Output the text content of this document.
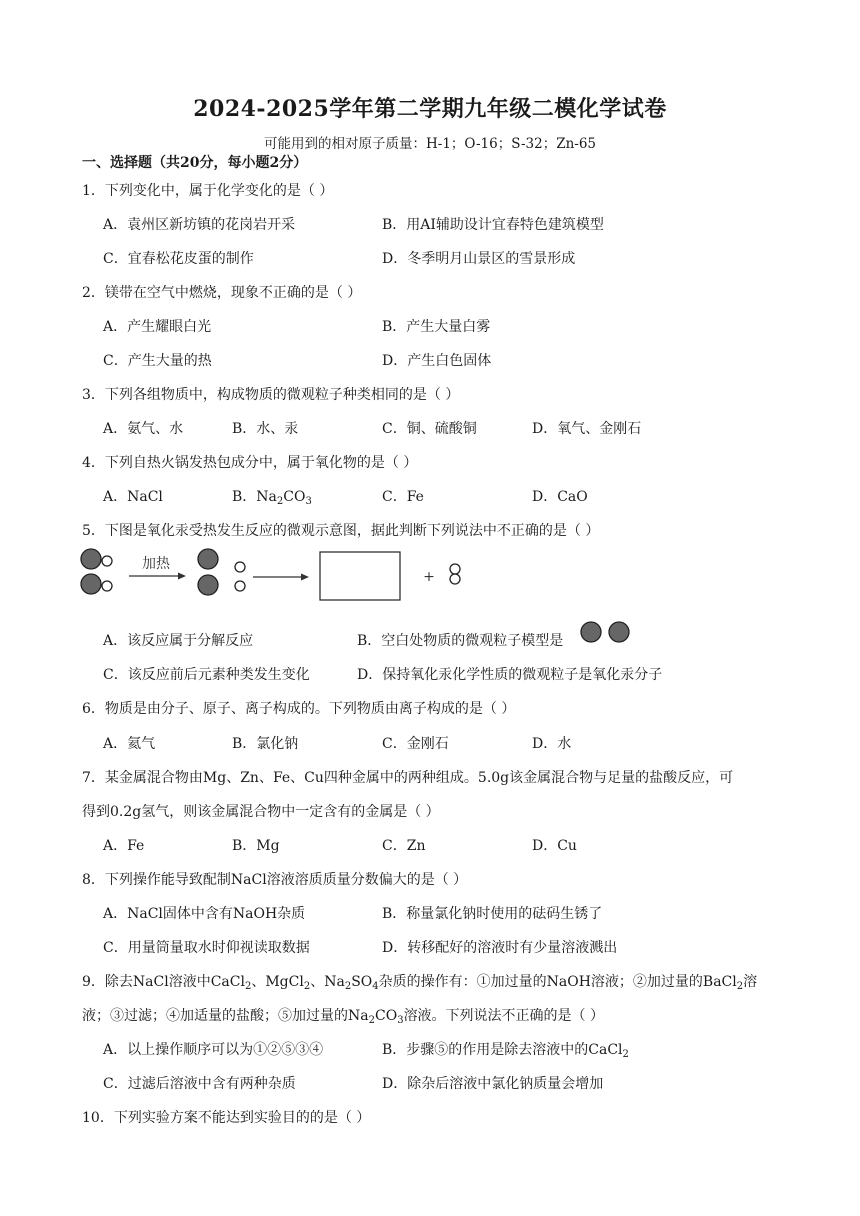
2024-2025学年第二学期九年级二模化学试卷
可能用到的相对原子质量：H-1；O-16；S-32；Zn-65
一、选择题（共20分，每小题2分）
1．下列变化中，属于化学变化的是（ ）
A．袁州区新坊镇的花岗岩开采	B．用AI辅助设计宜春特色建筑模型
C．宜春松花皮蛋的制作	D．冬季明月山景区的雪景形成
2．镁带在空气中燃烧，现象不正确的是（ ）
A．产生耀眼白光	B．产生大量白雾
C．产生大量的热	D．产生白色固体
3．下列各组物质中，构成物质的微观粒子种类相同的是（ ）
A．氨气、水	B．水、汞	C．铜、硫酸铜	D．氧气、金刚石
4．下列自热火锅发热包成分中，属于氧化物的是（ ）
A．NaCl	B．$Na_2CO_3$	C．Fe	D．CaO
5．下图是氧化汞受热发生反应的微观示意图，据此判断下列说法中不正确的是（ ）
加热
+
A．该反应属于分解反应	B．空白处物质的微观粒子模型是
C．该反应前后元素种类发生变化	D．保持氧化汞化学性质的微观粒子是氧化汞分子
6．物质是由分子、原子、离子构成的。下列物质由离子构成的是（ ）
A．氦气	B．氯化钠	C．金刚石	D．水
7．某金属混合物由Mg、Zn、Fe、Cu四种金属中的两种组成。5.0g该金属混合物与足量的盐酸反应，可
得到0.2g氢气，则该金属混合物中一定含有的金属是（ ）
A．Fe	B．Mg	C．Zn	D．Cu
8．下列操作能导致配制NaCl溶液溶质质量分数偏大的是（ ）
A．NaCl固体中含有NaOH杂质	B．称量氯化钠时使用的砝码生锈了
C．用量筒量取水时仰视读取数据	D．转移配好的溶液时有少量溶液溅出
9．除去NaCl溶液中CaCl$_2$、MgCl$_2$、$Na_2SO_4$杂质的操作有：①加过量的NaOH溶液；②加过量的BaCl$_2$溶
液；③过滤；④加适量的盐酸；⑤加过量的$Na_2CO_3$溶液。下列说法不正确的是（ ）
A．以上操作顺序可以为①②⑤③④	B．步骤⑤的作用是除去溶液中的CaCl$_2$
C．过滤后溶液中含有两种杂质	D．除杂后溶液中氯化钠质量会增加
10．下列实验方案不能达到实验目的的是（ ）
